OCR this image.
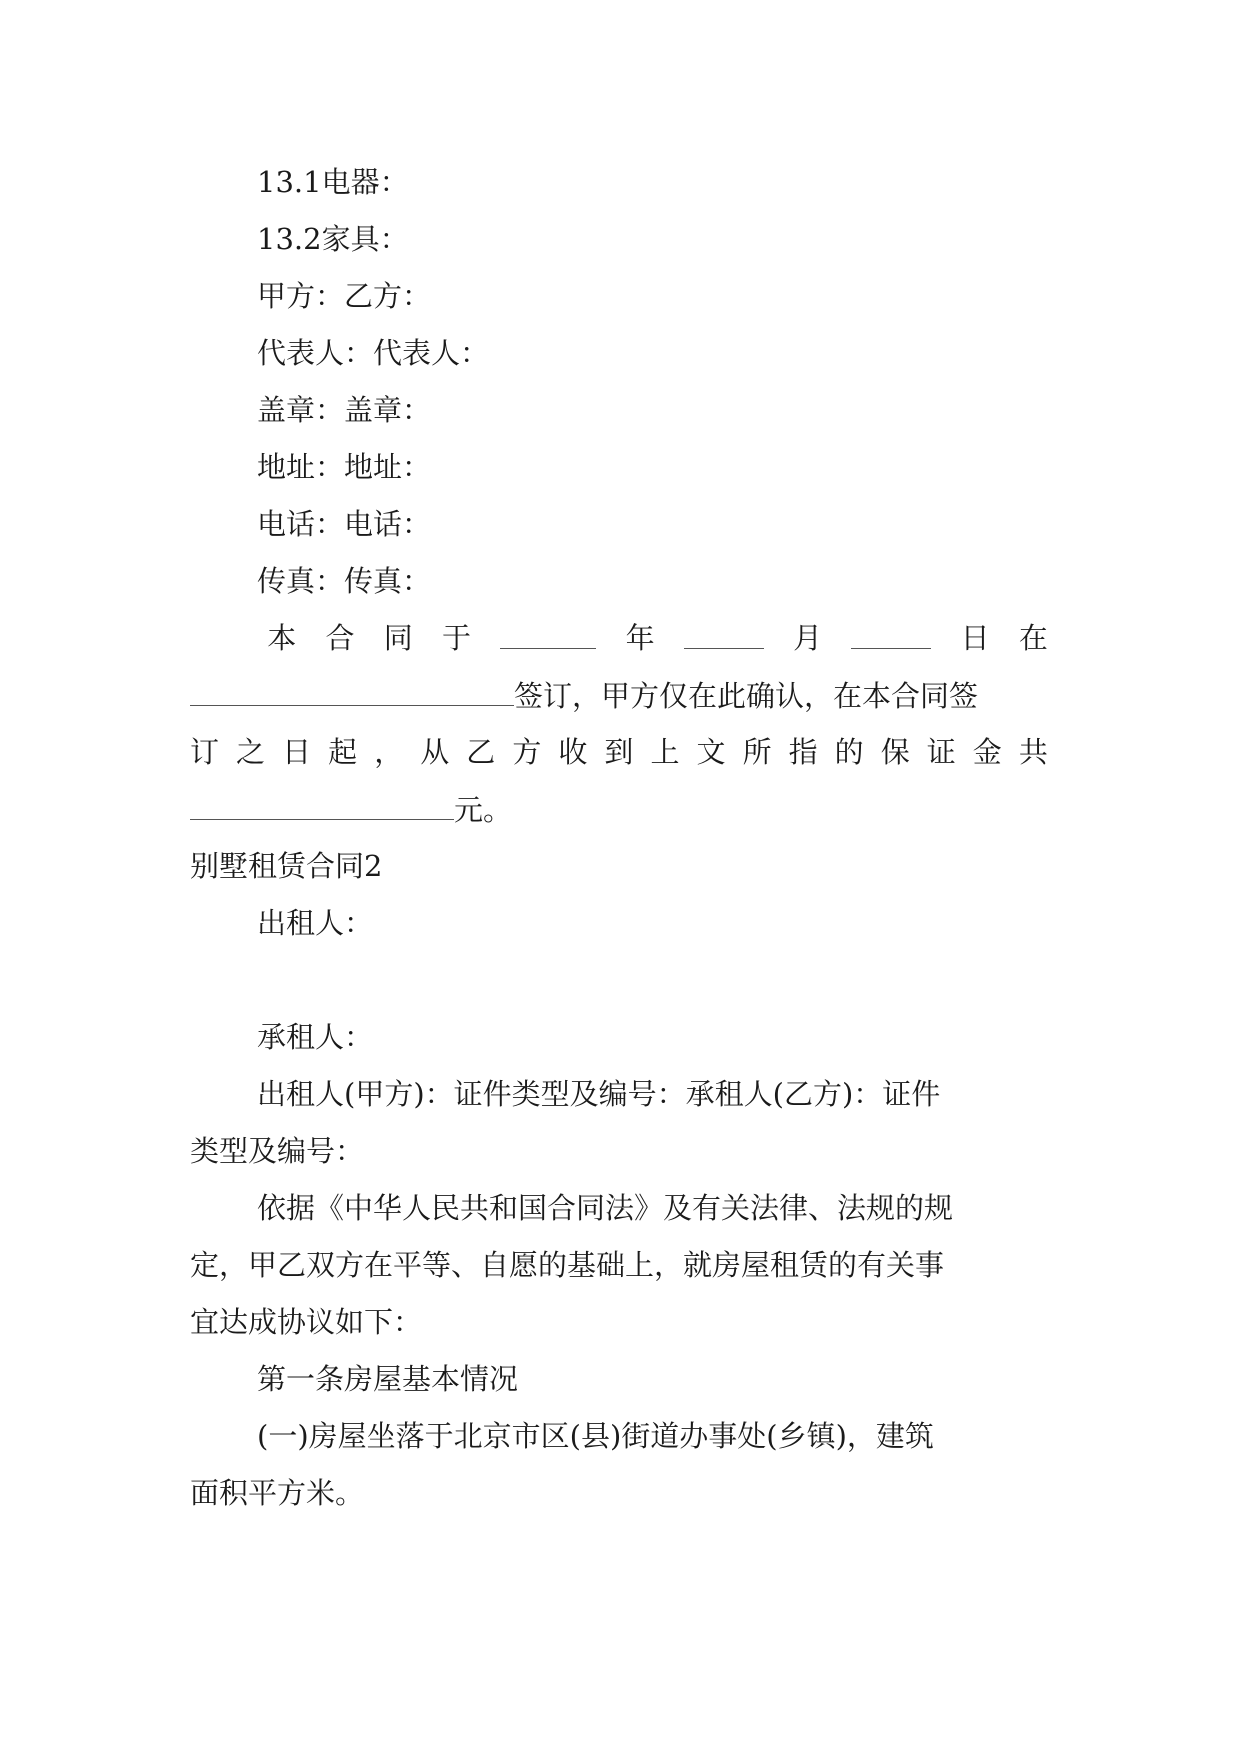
13.1电器：
13.2家具：
甲方：乙方：
代表人：代表人：
盖章：盖章：
地址：地址：
电话：电话：
传真：传真：
本 合 同 于	年	月	日 在
签订，甲方仅在此确认，在本合同签
订 之 日 起 ， 从 乙 方 收 到 上 文 所 指 的 保 证 金 共
元。
别墅租赁合同2
出租人：
承租人：
出租人(甲方)：证件类型及编号：承租人(乙方)：证件
类型及编号：
依据《中华人民共和国合同法》及有关法律、法规的规
定，甲乙双方在平等、自愿的基础上，就房屋租赁的有关事
宜达成协议如下：
第一条房屋基本情况
(一)房屋坐落于北京市区(县)街道办事处(乡镇)，建筑
面积平方米。
